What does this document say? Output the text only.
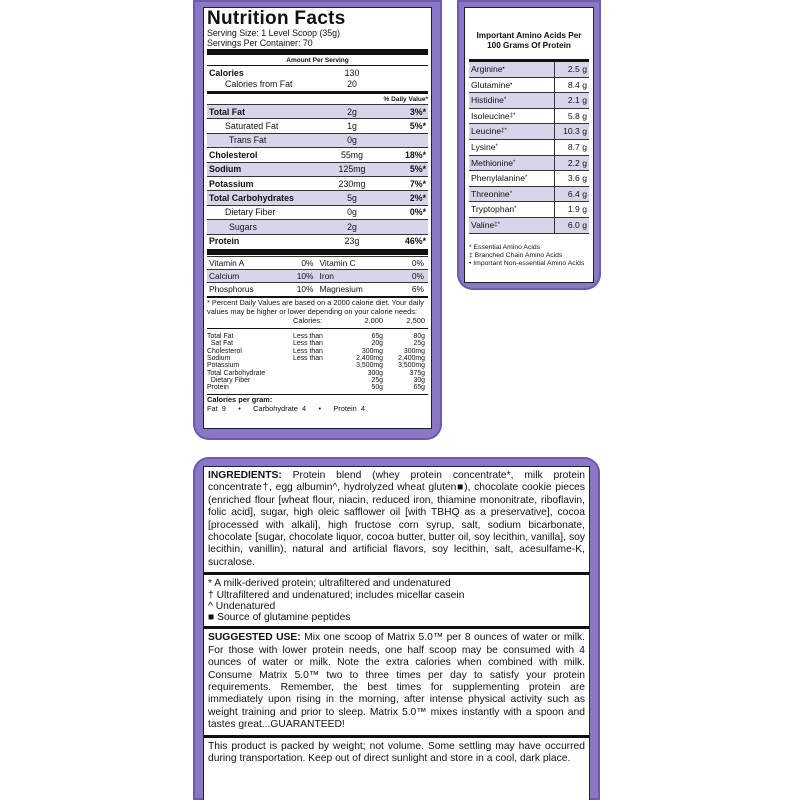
Nutrition Facts
Serving Size: 1 Level Scoop (35g)
Servings Per Container: 70
Amount Per Serving
Calories	130
Calories from Fat	20
% Daily Value*
Total Fat	2g	3%*
Saturated Fat	1g	5%*
Trans Fat	0g
Cholesterol	55mg	18%*
Sodium	125mg	5%*
Potassium	230mg	7%*
Total Carbohydrates	5g	2%*
Dietary Fiber	0g	0%*
Sugars	2g
Protein	23g	46%*
Vitamin A	0% Vitamin C	0%
Calcium	10% Iron	0%
Phosphorus	10% Magnesium	6%
* Percent Daily Values are based on a 2000 calorie diet. Your daily values may be higher or lower depending on your calorie needs:
Calories:	2,000	2,500
Total Fat	Less than	65g	80g
Sat Fat	Less than	20g	25g
Cholesterol	Less than	300mg	300mg
Sodium	Less than	2,400mg	2,400mg
Potassium	3,500mg	3,500mg
Total Carbohydrate	300g	375g
Dietary Fiber	25g	30g
Protein	50g	65g
Calories per gram:
Fat  9      •      Carbohydrate  4      •      Protein  4
Important Amino Acids Per 100 Grams Of Protein
Arginine•	2.5 g
Glutamine•	8.4 g
Histidine*	2.1 g
Isoleucine‡*	5.8 g
Leucine‡*	10.3 g
Lysine*	8.7 g
Methionine*	2.2 g
Phenylalanine*	3.6 g
Threonine*	6.4 g
Tryptophan*	1.9 g
Valine‡*	6.0 g
* Essential Amino Acids
‡ Branched Chain Amino Acids
• Important Non-essential Amino Acids
INGREDIENTS: Protein blend (whey protein concentrate*, milk protein concentrate†, egg albumin^, hydrolyzed wheat gluten■), chocolate cookie pieces (enriched flour [wheat flour, niacin, reduced iron, thiamine mononitrate, riboflavin, folic acid], sugar, high oleic safflower oil [with TBHQ as a preservative], cocoa [processed with alkali], high fructose corn syrup, salt, sodium bicarbonate, chocolate [sugar, chocolate liquor, cocoa butter, butter oil, soy lecithin, vanilla], soy lecithin, vanillin), natural and artificial flavors, soy lecithin, salt, acesulfame-K, sucralose.
* A milk-derived protein; ultrafiltered and undenatured
† Ultrafiltered and undenatured; includes micellar casein
^ Undenatured
■ Source of glutamine peptides
SUGGESTED USE: Mix one scoop of Matrix 5.0™ per 8 ounces of water or milk. For those with lower protein needs, one half scoop may be consumed with 4 ounces of water or milk. Note the extra calories when combined with milk. Consume Matrix 5.0™ two to three times per day to satisfy your protein requirements. Remember, the best times for supplementing protein are immediately upon rising in the morning, after intense physical activity such as weight training and prior to sleep. Matrix 5.0™ mixes instantly with a spoon and tastes great...GUARANTEED!
This product is packed by weight; not volume. Some settling may have occurred during transportation. Keep out of direct sunlight and store in a cool, dark place.
